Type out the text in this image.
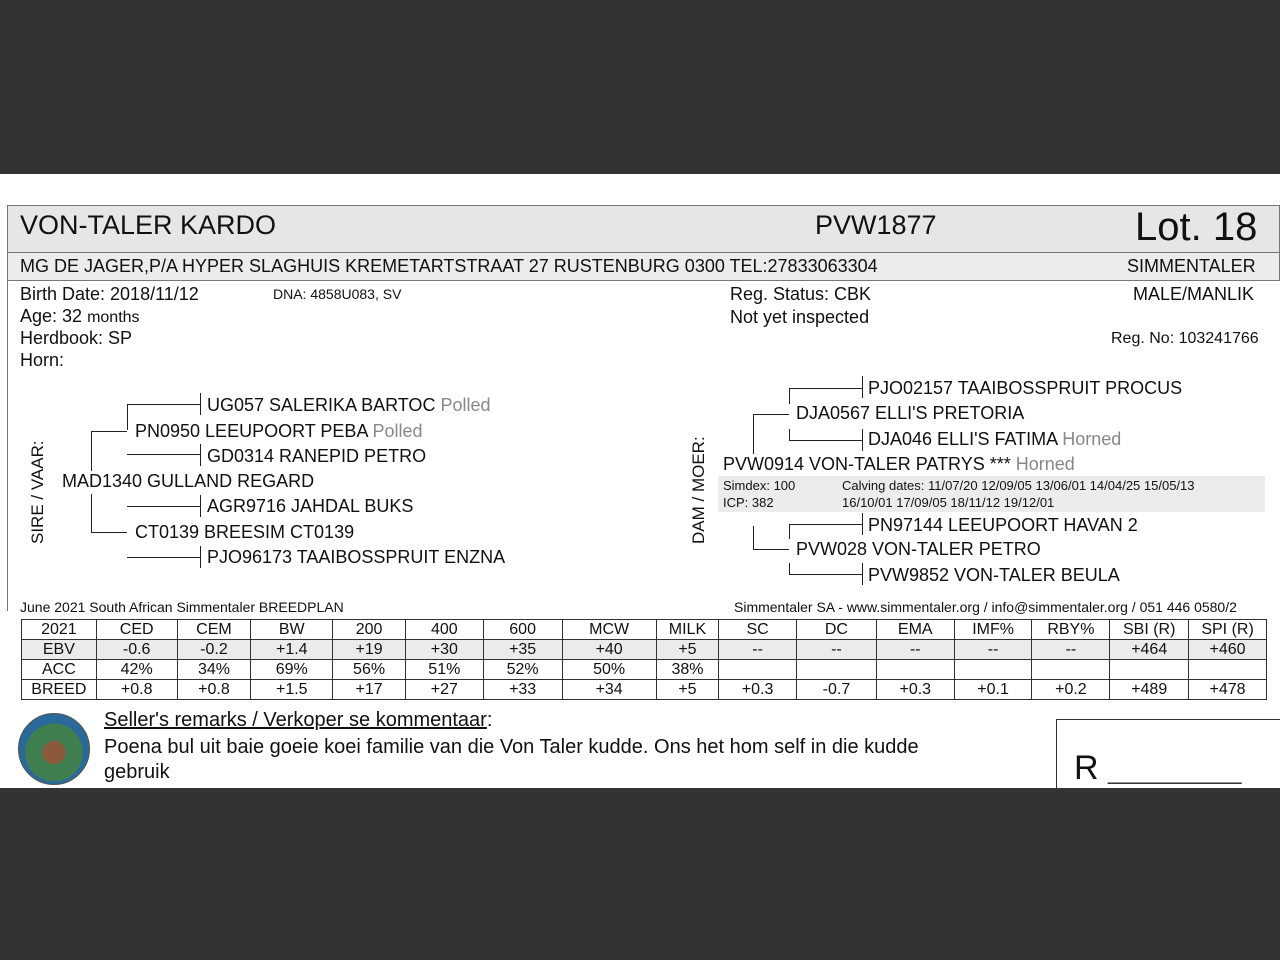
VON-TALER KARDO	PVW1877	Lot. 18
MG DE JAGER,P/A HYPER SLAGHUIS KREMETARTSTRAAT 27 RUSTENBURG 0300 TEL:27833063304	SIMMENTALER
Birth Date: 2018/11/12	DNA: 4858U083, SV
Age: 32 months
Herdbook: SP
Horn:
Reg. Status: CBK
Not yet inspected
MALE/MANLIK
Reg. No: 103241766
SIRE / VAAR:
UG057 SALERIKA BARTOC Polled
PN0950 LEEUPOORT PEBA Polled
GD0314 RANEPID PETRO
MAD1340 GULLAND REGARD
AGR9716 JAHDAL BUKS
CT0139 BREESIM CT0139
PJO96173 TAAIBOSSPRUIT ENZNA
DAM / MOER:
PJO02157 TAAIBOSSPRUIT PROCUS
DJA0567 ELLI'S PRETORIA
DJA046 ELLI'S FATIMA Horned
PVW0914 VON-TALER PATRYS *** Horned
Simdex: 100
ICP: 382
Calving dates: 11/07/20 12/09/05 13/06/01 14/04/25 15/05/13
16/10/01 17/09/05 18/11/12 19/12/01
PN97144 LEEUPOORT HAVAN 2
PVW028 VON-TALER PETRO
PVW9852 VON-TALER BEULA
June 2021 South African Simmentaler BREEDPLAN	Simmentaler SA - www.simmentaler.org / info@simmentaler.org / 051 446 0580/2
2021	CED	CEM	BW	200	400	600	MCW	MILK	SC	DC	EMA	IMF%	RBY%	SBI (R)	SPI (R)
EBV	-0.6	-0.2	+1.4	+19	+30	+35	+40	+5	--	--	--	--	--	+464	+460
ACC	42%	34%	69%	56%	51%	52%	50%	38%							
BREED	+0.8	+0.8	+1.5	+17	+27	+33	+34	+5	+0.3	-0.7	+0.3	+0.1	+0.2	+489	+478
Seller's remarks / Verkoper se kommentaar:
Poena bul uit baie goeie koei familie van die Von Taler kudde. Ons het hom self in die kudde
gebruik	R __________
